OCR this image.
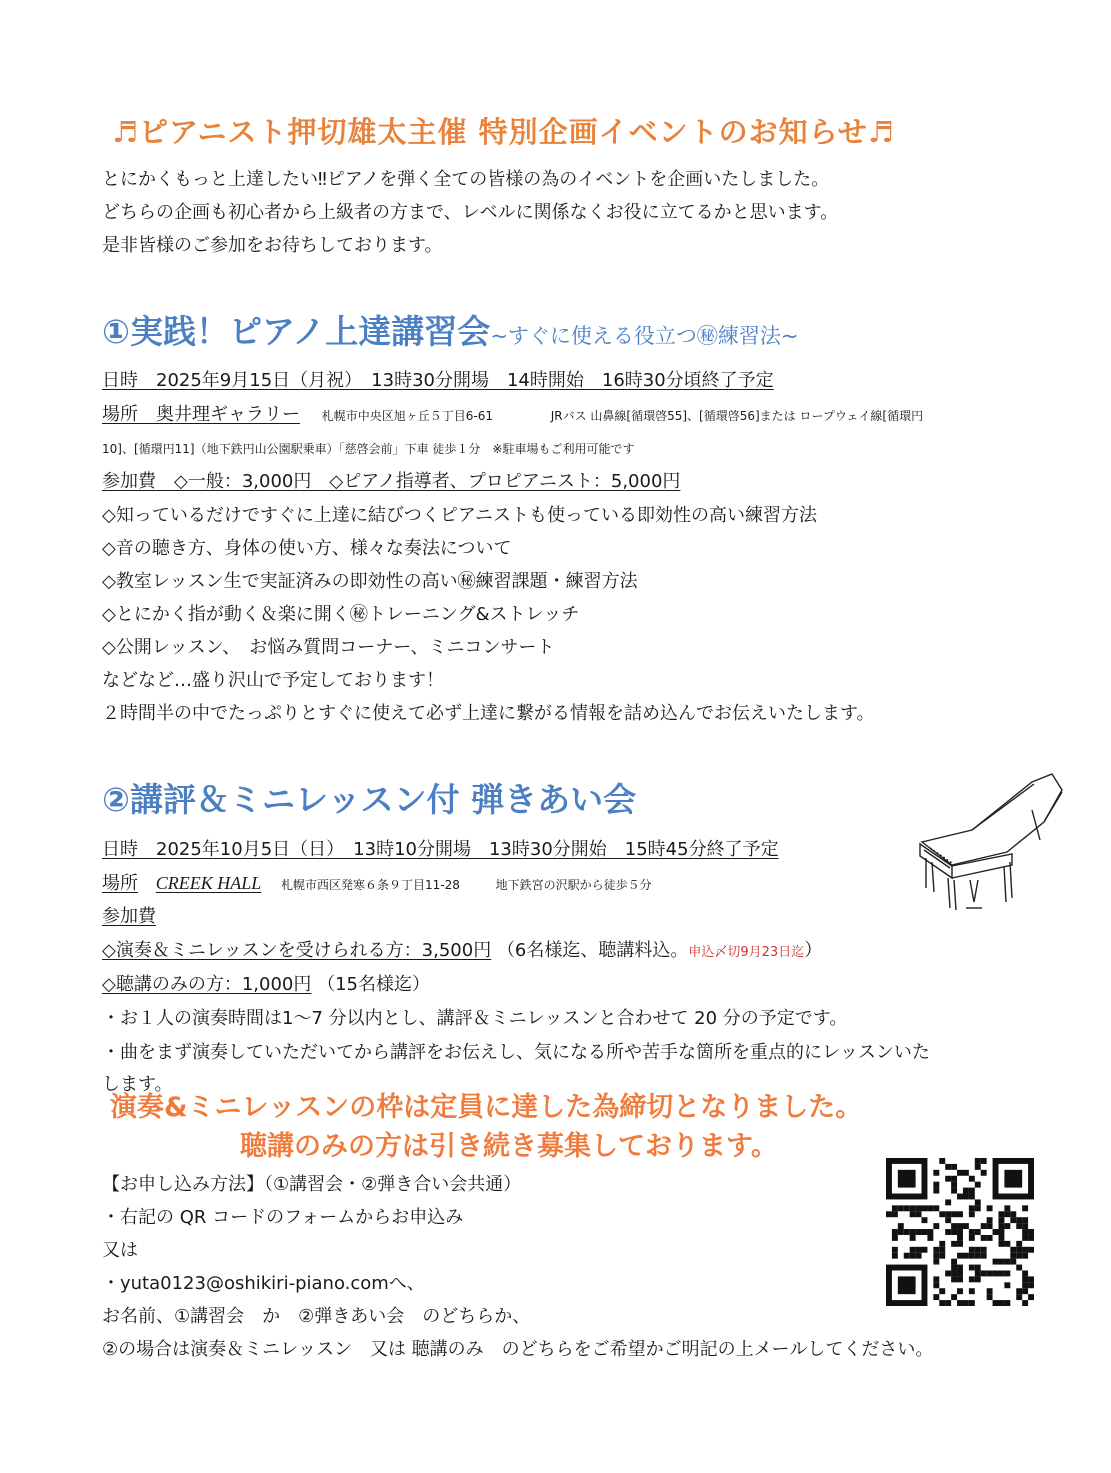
♬ピアニスト押切雄太主催 特別企画イベントのお知らせ♬
とにかくもっと上達したい‼ピアノを弾く全ての皆様の為のイベントを企画いたしました。
どちらの企画も初心者から上級者の方まで、レベルに関係なくお役に立てるかと思います。
是非皆様のご参加をお待ちしております。
①実践！ピアノ上達講習会~すぐに使える役立つ㊙練習法~
日時　2025年9月15日（月祝）　13時30分開場　14時開始　16時30分頃終了予定
場所　奥井理ギャラリー 札幌市中央区旭ヶ丘５丁目6-61	JRバス 山鼻線[循環啓55]、[循環啓56]または ロープウェイ線[循環円
10]、[循環円11]（地下鉄円山公園駅乗車）「慈啓会前」下車 徒歩１分　※駐車場もご利用可能です
参加費　◇一般：3,000円　◇ピアノ指導者、プロピアニスト：5,000円
◇知っているだけですぐに上達に結びつくピアニストも使っている即効性の高い練習方法
◇音の聴き方、身体の使い方、様々な奏法について
◇教室レッスン生で実証済みの即効性の高い㊙練習課題・練習方法
◇とにかく指が動く＆楽に開く㊙トレーニング&ストレッチ
◇公開レッスン、　お悩み質問コーナー、ミニコンサート
などなど…盛り沢山で予定しております！
２時間半の中でたっぷりとすぐに使えて必ず上達に繋がる情報を詰め込んでお伝えいたします。
②講評＆ミニレッスン付 弾きあい会
日時　2025年10月5日（日）　13時10分開場　13時30分開始　15時45分終了予定
場所 CREEK HALL 札幌市西区発寒６条９丁目11-28	地下鉄宮の沢駅から徒歩５分
参加費
◇演奏＆ミニレッスンを受けられる方：3,500円 （6名様迄、聴講料込。申込〆切9月23日迄）
◇聴講のみの方：1,000円 （15名様迄）
・お１人の演奏時間は1～7 分以内とし、講評＆ミニレッスンと合わせて 20 分の予定です。
・曲をまず演奏していただいてから講評をお伝えし、気になる所や苦手な箇所を重点的にレッスンいた
します。
演奏&ミニレッスンの枠は定員に達した為締切となりました。
聴講のみの方は引き続き募集しております。
【お申し込み方法】（①講習会・②弾き合い会共通）
・右記の QR コードのフォームからお申込み
又は
・yuta0123@oshikiri-piano.comへ、
お名前、①講習会　か　②弾きあい会　のどちらか、
②の場合は演奏＆ミニレッスン　又は 聴講のみ　のどちらをご希望かご明記の上メールしてください。
